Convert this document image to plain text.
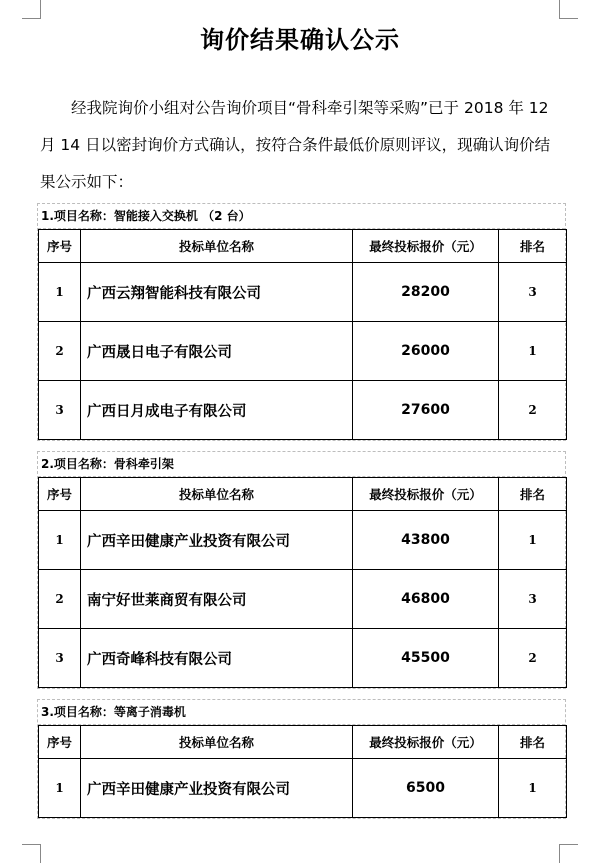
询价结果确认公示
经我院询价小组对公告询价项目“骨科牵引架等采购”已于 2018 年 12 月 14 日以密封询价方式确认，按符合条件最低价原则评议，现确认询价结果公示如下：
1.项目名称：智能接入交换机 （2 台）
序号	投标单位名称	最终投标报价（元）	排名
1	广西云翔智能科技有限公司	28200	3
2	广西晟日电子有限公司	26000	1
3	广西日月成电子有限公司	27600	2
2.项目名称：骨科牵引架
序号	投标单位名称	最终投标报价（元）	排名
1	广西辛田健康产业投资有限公司	43800	1
2	南宁好世莱商贸有限公司	46800	3
3	广西奇峰科技有限公司	45500	2
3.项目名称：等离子消毒机
序号	投标单位名称	最终投标报价（元）	排名
1	广西辛田健康产业投资有限公司	6500	1
